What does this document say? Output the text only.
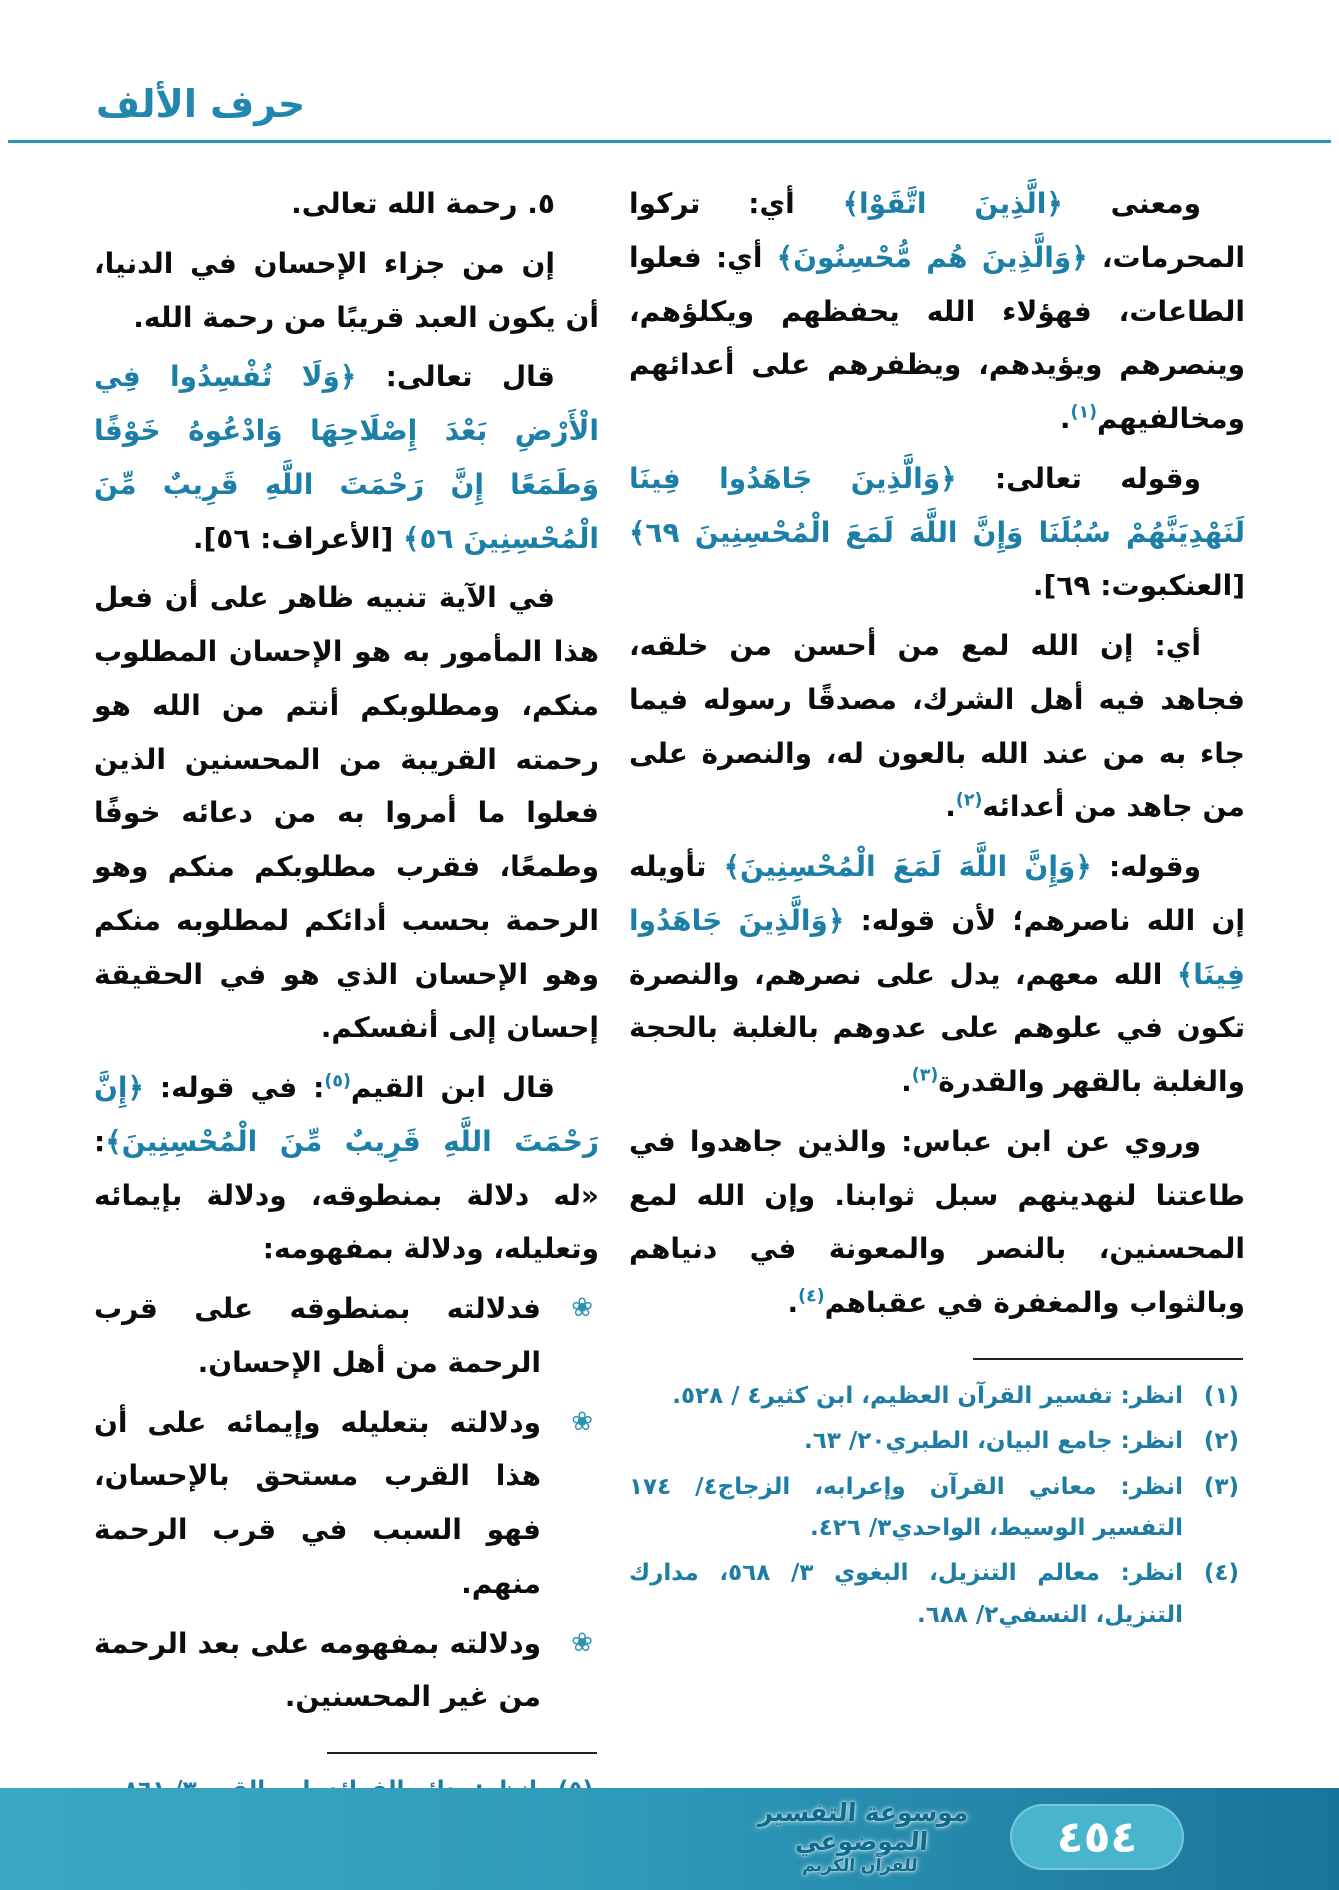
حرف الألف

ومعنى ﴿الَّذِينَ اتَّقَوْا﴾ أي: تركوا المحرمات، ﴿وَالَّذِينَ هُم مُّحْسِنُونَ﴾ أي: فعلوا الطاعات، فهؤلاء الله يحفظهم ويكلؤهم، وينصرهم ويؤيدهم، ويظفرهم على أعدائهم ومخالفيهم$^{(١)}$.

وقوله تعالى: ﴿وَالَّذِينَ جَاهَدُوا فِينَا لَنَهْدِيَنَّهُمْ سُبُلَنَا وَإِنَّ اللَّهَ لَمَعَ الْمُحْسِنِينَ ٦٩﴾ [العنكبوت: ٦٩].

أي: إن الله لمع من أحسن من خلقه، فجاهد فيه أهل الشرك، مصدقًا رسوله فيما جاء به من عند الله بالعون له، والنصرة على من جاهد من أعدائه$^{(٢)}$.

وقوله: ﴿وَإِنَّ اللَّهَ لَمَعَ الْمُحْسِنِينَ﴾ تأويله إن الله ناصرهم؛ لأن قوله: ﴿وَالَّذِينَ جَاهَدُوا فِينَا﴾ الله معهم، يدل على نصرهم، والنصرة تكون في علوهم على عدوهم بالغلبة بالحجة والغلبة بالقهر والقدرة$^{(٣)}$.

وروي عن ابن عباس: والذين جاهدوا في طاعتنا لنهدينهم سبل ثوابنا. وإن الله لمع المحسنين، بالنصر والمعونة في دنياهم وبالثواب والمغفرة في عقباهم$^{(٤)}$.

(١)
انظر: تفسير القرآن العظيم، ابن كثير٤ / ٥٢٨.
(٢)
انظر: جامع البيان، الطبري٢٠/ ٦٣.
(٣)
انظر: معاني القرآن وإعرابه، الزجاج٤/ ١٧٤ التفسير الوسيط، الواحدي٣/ ٤٢٦.
(٤)
انظر: معالم التنزيل، البغوي ٣/ ٥٦٨، مدارك التنزيل، النسفي٢/ ٦٨٨.

٥. رحمة الله تعالى.

إن من جزاء الإحسان في الدنيا، أن يكون العبد قريبًا من رحمة الله.

قال تعالى: ﴿وَلَا تُفْسِدُوا فِي الْأَرْضِ بَعْدَ إِصْلَاحِهَا وَادْعُوهُ خَوْفًا وَطَمَعًا إِنَّ رَحْمَتَ اللَّهِ قَرِيبٌ مِّنَ الْمُحْسِنِينَ ٥٦﴾ [الأعراف: ٥٦].

في الآية تنبيه ظاهر على أن فعل هذا المأمور به هو الإحسان المطلوب منكم، ومطلوبكم أنتم من الله هو رحمته القريبة من المحسنين الذين فعلوا ما أمروا به من دعائه خوفًا وطمعًا، فقرب مطلوبكم منكم وهو الرحمة بحسب أدائكم لمطلوبه منكم وهو الإحسان الذي هو في الحقيقة إحسان إلى أنفسكم.

قال ابن القيم$^{(٥)}$: في قوله: ﴿إِنَّ رَحْمَتَ اللَّهِ قَرِيبٌ مِّنَ الْمُحْسِنِينَ﴾: «له دلالة بمنطوقه، ودلالة بإيمائه وتعليله، ودلالة بمفهومه:

❀
فدلالته بمنطوقه على قرب الرحمة من أهل الإحسان.

❀
ودلالته بتعليله وإيمائه على أن هذا القرب مستحق بالإحسان، فهو السبب في قرب الرحمة منهم.

❀
ودلالته بمفهومه على بعد الرحمة من غير المحسنين.

موسوعة التفسير الموضوعي
للقرآن الكريم
٤٥٤
